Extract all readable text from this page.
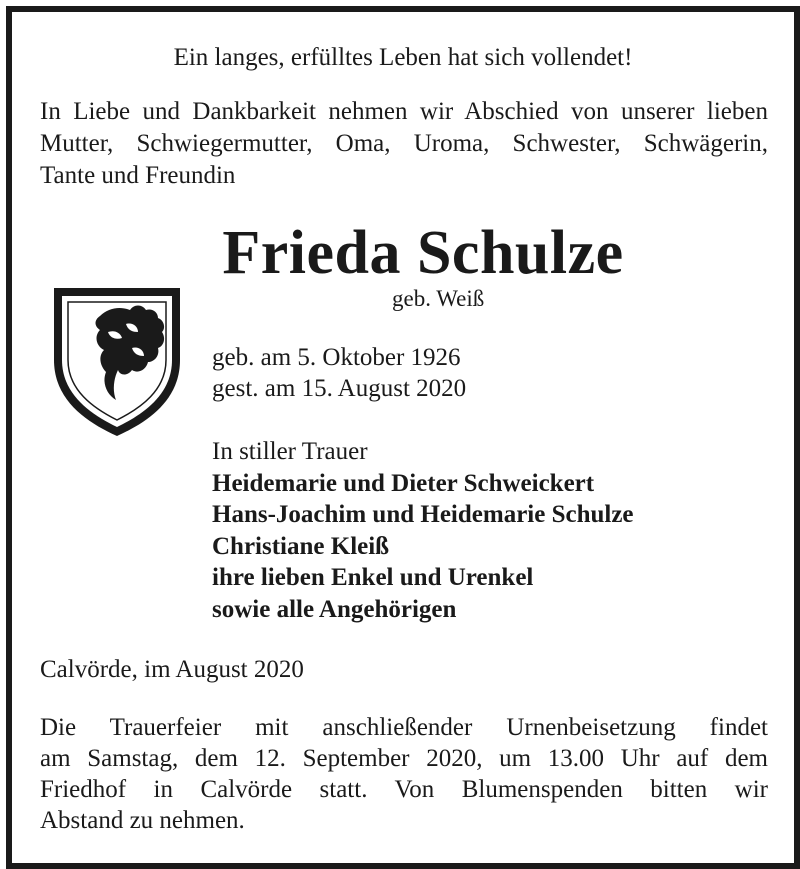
Ein langes, erfülltes Leben hat sich vollendet!
In Liebe und Dankbarkeit nehmen wir Abschied von unserer lieben
Mutter, Schwiegermutter, Oma, Uroma, Schwester, Schwägerin,
Tante und Freundin
Frieda Schulze
geb. Weiß
geb. am 5. Oktober 1926
gest. am 15. August 2020
In stiller Trauer
Heidemarie und Dieter Schweickert
Hans-Joachim und Heidemarie Schulze
Christiane Kleiß
ihre lieben Enkel und Urenkel
sowie alle Angehörigen
Calvörde, im August 2020
Die Trauerfeier mit anschließender Urnenbeisetzung findet
am Samstag, dem 12. September 2020, um 13.00 Uhr auf dem
Friedhof in Calvörde statt. Von Blumenspenden bitten wir
Abstand zu nehmen.
